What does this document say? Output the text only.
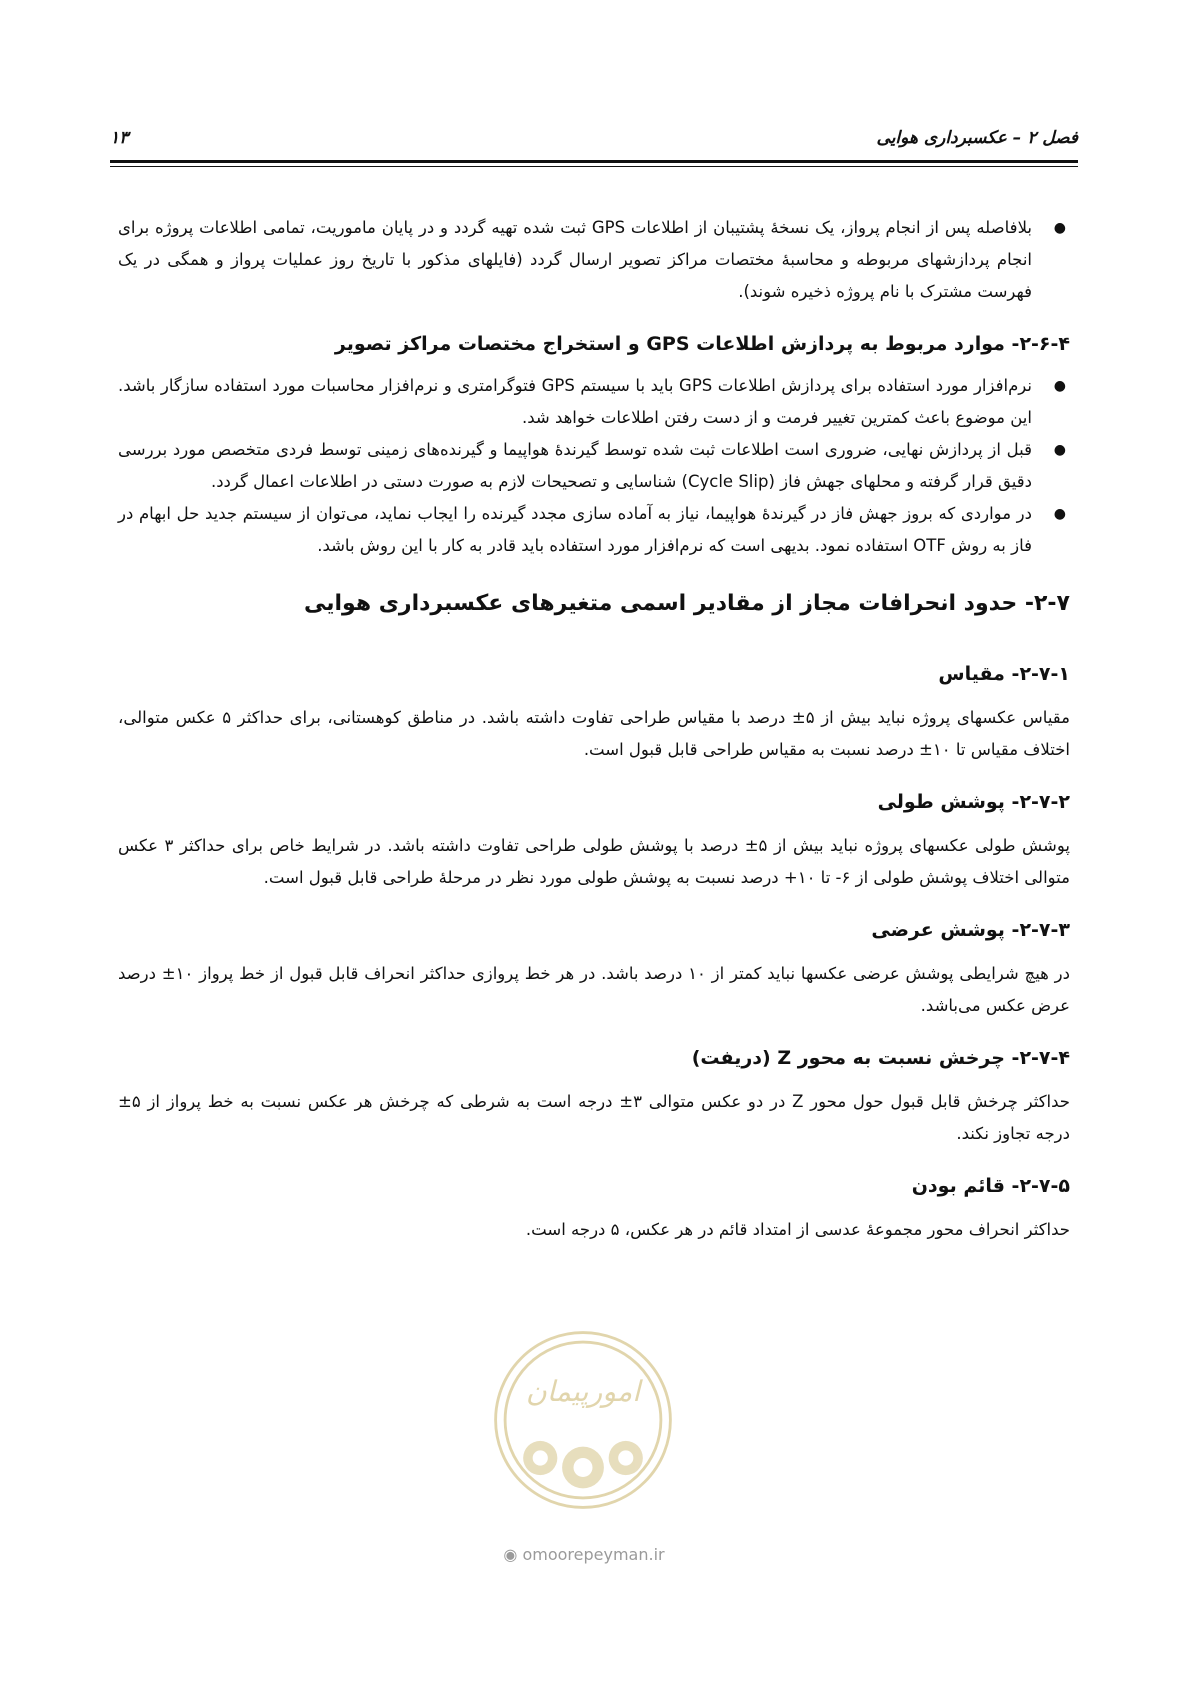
فصل ۲ – عکسبرداری هوایی
۱۳
●
بلافاصله پس از انجام پرواز، یک نسخهٔ پشتیبان از اطلاعات GPS ثبت شده تهیه گردد و در پایان ماموریت، تمامی اطلاعات پروژه برای انجام پردازشهای مربوطه و محاسبهٔ مختصات مراکز تصویر ارسال گردد (فایلهای مذکور با تاریخ روز عملیات پرواز و همگی در یک فهرست مشترک با نام پروژه ذخیره شوند).
۲-۶-۴- موارد مربوط به پردازش اطلاعات GPS و استخراج مختصات مراکز تصویر
●
نرم‌افزار مورد استفاده برای پردازش اطلاعات GPS باید با سیستم GPS فتوگرامتری و نرم‌افزار محاسبات مورد استفاده سازگار باشد. این موضوع باعث کمترین تغییر فرمت و از دست رفتن اطلاعات خواهد شد.
●
قبل از پردازش نهایی، ضروری است اطلاعات ثبت شده توسط گیرندهٔ هواپیما و گیرنده‌های زمینی توسط فردی متخصص مورد بررسی دقیق قرار گرفته و محلهای جهش فاز (Cycle Slip) شناسایی و تصحیحات لازم به صورت دستی در اطلاعات اعمال گردد.
●
در مواردی که بروز جهش فاز در گیرندهٔ هواپیما، نیاز به آماده سازی مجدد گیرنده را ایجاب نماید، می‌توان از سیستم جدید حل ابهام در فاز به روش OTF استفاده نمود. بدیهی است که نرم‌افزار مورد استفاده باید قادر به کار با این روش باشد.
۲-۷- حدود انحرافات مجاز از مقادیر اسمی متغیرهای عکسبرداری هوایی
۲-۷-۱- مقیاس

مقیاس عکسهای پروژه نباید بیش از ۵± درصد با مقیاس طراحی تفاوت داشته باشد. در مناطق کوهستانی، برای حداکثر ۵ عکس متوالی، اختلاف مقیاس تا ۱۰± درصد نسبت به مقیاس طراحی قابل قبول است.

۲-۷-۲- پوشش طولی

پوشش طولی عکسهای پروژه نباید بیش از ۵± درصد با پوشش طولی طراحی تفاوت داشته باشد. در شرایط خاص برای حداکثر ۳ عکس متوالی اختلاف پوشش طولی از ۶- تا ۱۰+ درصد نسبت به پوشش طولی مورد نظر در مرحلهٔ طراحی قابل قبول است.

۲-۷-۳- پوشش عرضی

در هیچ شرایطی پوشش عرضی عکسها نباید کمتر از ۱۰ درصد باشد. در هر خط پروازی حداکثر انحراف قابل قبول از خط پرواز ۱۰± درصد عرض عکس می‌باشد.

۲-۷-۴- چرخش نسبت به محور Z (دریفت)

حداکثر چرخش قابل قبول حول محور Z در دو عکس متوالی ۳± درجه است به شرطی که چرخش هر عکس نسبت به خط پرواز از ۵± درجه تجاوز نکند.

۲-۷-۵- قائم بودن

حداکثر انحراف محور مجموعهٔ عدسی از امتداد قائم در هر عکس، ۵ درجه است.

امورپیمان
◉ omoorepeyman.ir
